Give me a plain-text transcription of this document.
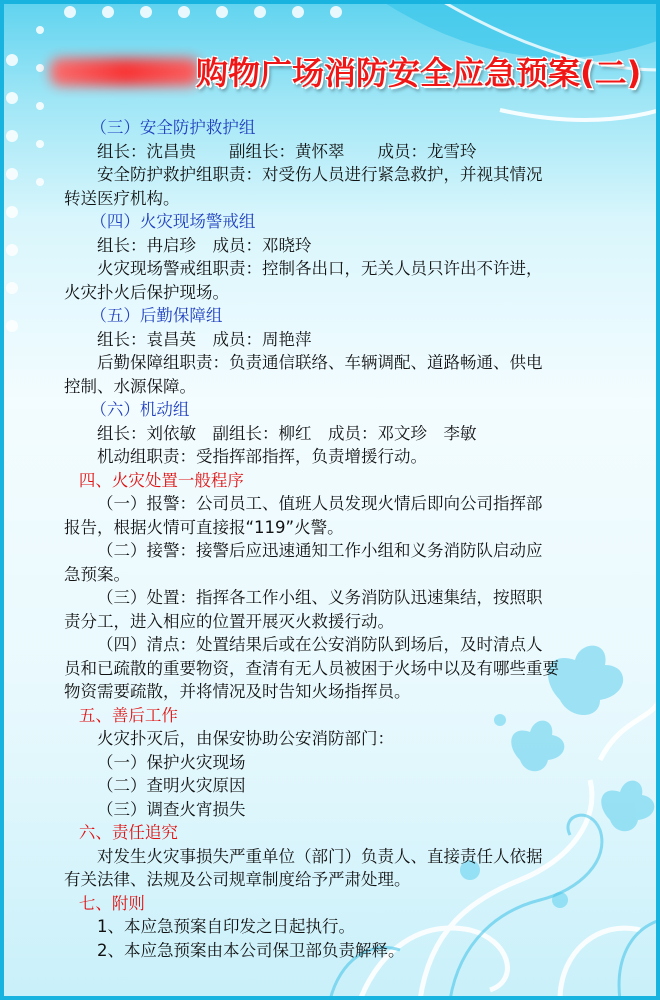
购物广场消防安全应急预案(二)

（三）安全防护救护组

组长：沈昌贵　　副组长：黄怀翠　　成员：龙雪玲

安全防护救护组职责：对受伤人员进行紧急救护，并视其情况

转送医疗机构。

（四）火灾现场警戒组

组长：冉启珍　成员：邓晓玲

火灾现场警戒组职责：控制各出口，无关人员只许出不许进，

火灾扑火后保护现场。

（五）后勤保障组

组长：袁昌英　成员：周艳萍

后勤保障组职责：负责通信联络、车辆调配、道路畅通、供电

控制、水源保障。

（六）机动组

组长：刘依敏　副组长：柳红　成员：邓文珍　李敏

机动组职责：受指挥部指挥，负责增援行动。

四、火灾处置一般程序

（一）报警：公司员工、值班人员发现火情后即向公司指挥部

报告，根据火情可直接报“119”火警。

（二）接警：接警后应迅速通知工作小组和义务消防队启动应

急预案。

（三）处置：指挥各工作小组、义务消防队迅速集结，按照职

责分工，进入相应的位置开展灭火救援行动。

（四）清点：处置结果后或在公安消防队到场后，及时清点人

员和已疏散的重要物资，查清有无人员被困于火场中以及有哪些重要

物资需要疏散，并将情况及时告知火场指挥员。

五、善后工作

火灾扑灭后，由保安协助公安消防部门：

（一）保护火灾现场

（二）查明火灾原因

（三）调查火宵损失

六、责任追究

对发生火灾事损失严重单位（部门）负责人、直接责任人依据

有关法律、法规及公司规章制度给予严肃处理。

七、附则

1、本应急预案自印发之日起执行。

2、本应急预案由本公司保卫部负责解释。
